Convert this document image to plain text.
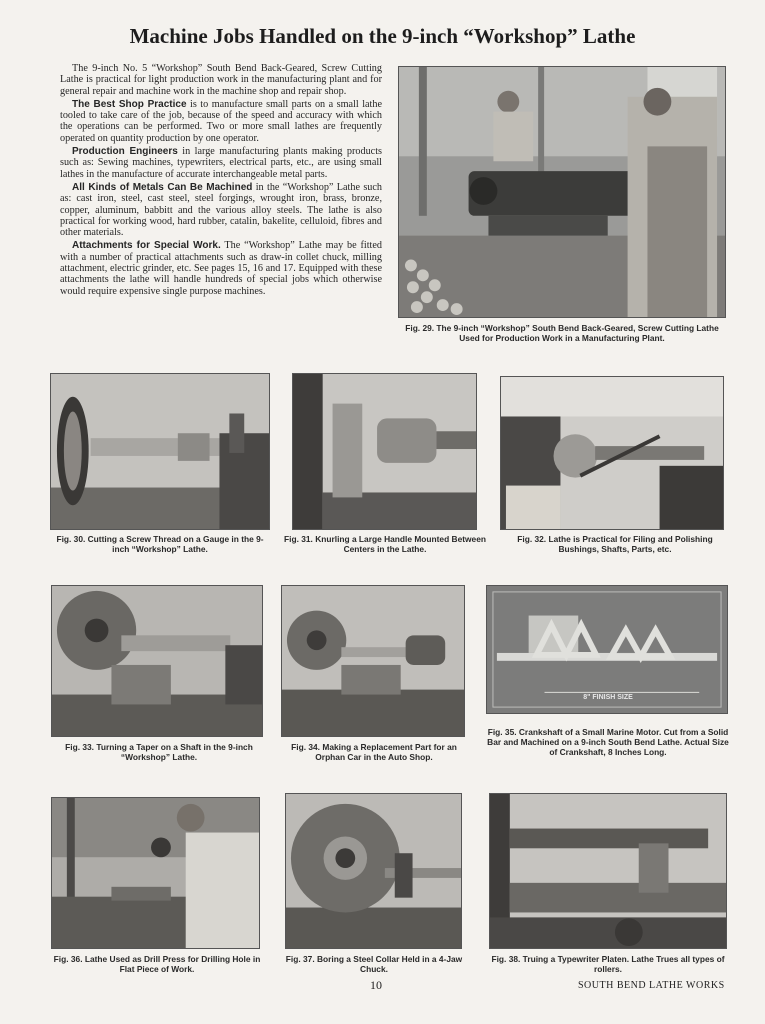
Machine Jobs Handled on the 9-inch “Workshop” Lathe

The 9-inch No. 5 “Workshop” South Bend Back-Geared, Screw Cutting Lathe is practical for light production work in the manufacturing plant and for general repair and machine work in the machine shop and repair shop.

The Best Shop Practice is to manufacture small parts on a small lathe tooled to take care of the job, because of the speed and accuracy with which the operations can be performed. Two or more small lathes are frequently operated on quantity production by one operator.

Production Engineers in large manufacturing plants making products such as: Sewing machines, typewriters, electrical parts, etc., are using small lathes in the manufacture of accurate interchangeable metal parts.

All Kinds of Metals Can Be Machined in the “Workshop” Lathe such as: cast iron, steel, cast steel, steel forgings, wrought iron, brass, bronze, copper, aluminum, babbitt and the various alloy steels. The lathe is also practical for working wood, hard rubber, catalin, bakelite, celluloid, fibres and other materials.

Attachments for Special Work. The “Workshop” Lathe may be fitted with a number of practical attachments such as draw-in collet chuck, milling attachment, electric grinder, etc. See pages 15, 16 and 17. Equipped with these attachments the lathe will handle hundreds of special jobs which otherwise would require expensive single purpose machines.

Fig. 29. The 9-inch “Workshop” South Bend Back-Geared, Screw Cutting Lathe Used for Production Work in a Manufacturing Plant.
Fig. 30. Cutting a Screw Thread on a Gauge in the 9-inch “Workshop” Lathe.
Fig. 31. Knurling a Large Handle Mounted Between Centers in the Lathe.
Fig. 32. Lathe is Practical for Filing and Polishing Bushings, Shafts, Parts, etc.
Fig. 33. Turning a Taper on a Shaft in the 9-inch “Workshop” Lathe.
Fig. 34. Making a Replacement Part for an Orphan Car in the Auto Shop.
8" FINISH SIZE
Fig. 35. Crankshaft of a Small Marine Motor. Cut from a Solid Bar and Machined on a 9-inch South Bend Lathe. Actual Size of Crankshaft, 8 Inches Long.
Fig. 36. Lathe Used as Drill Press for Drilling Hole in Flat Piece of Work.
Fig. 37. Boring a Steel Collar Held in a 4-Jaw Chuck.
Fig. 38. Truing a Typewriter Platen. Lathe Trues all types of rollers.
10	SOUTH BEND LATHE WORKS
